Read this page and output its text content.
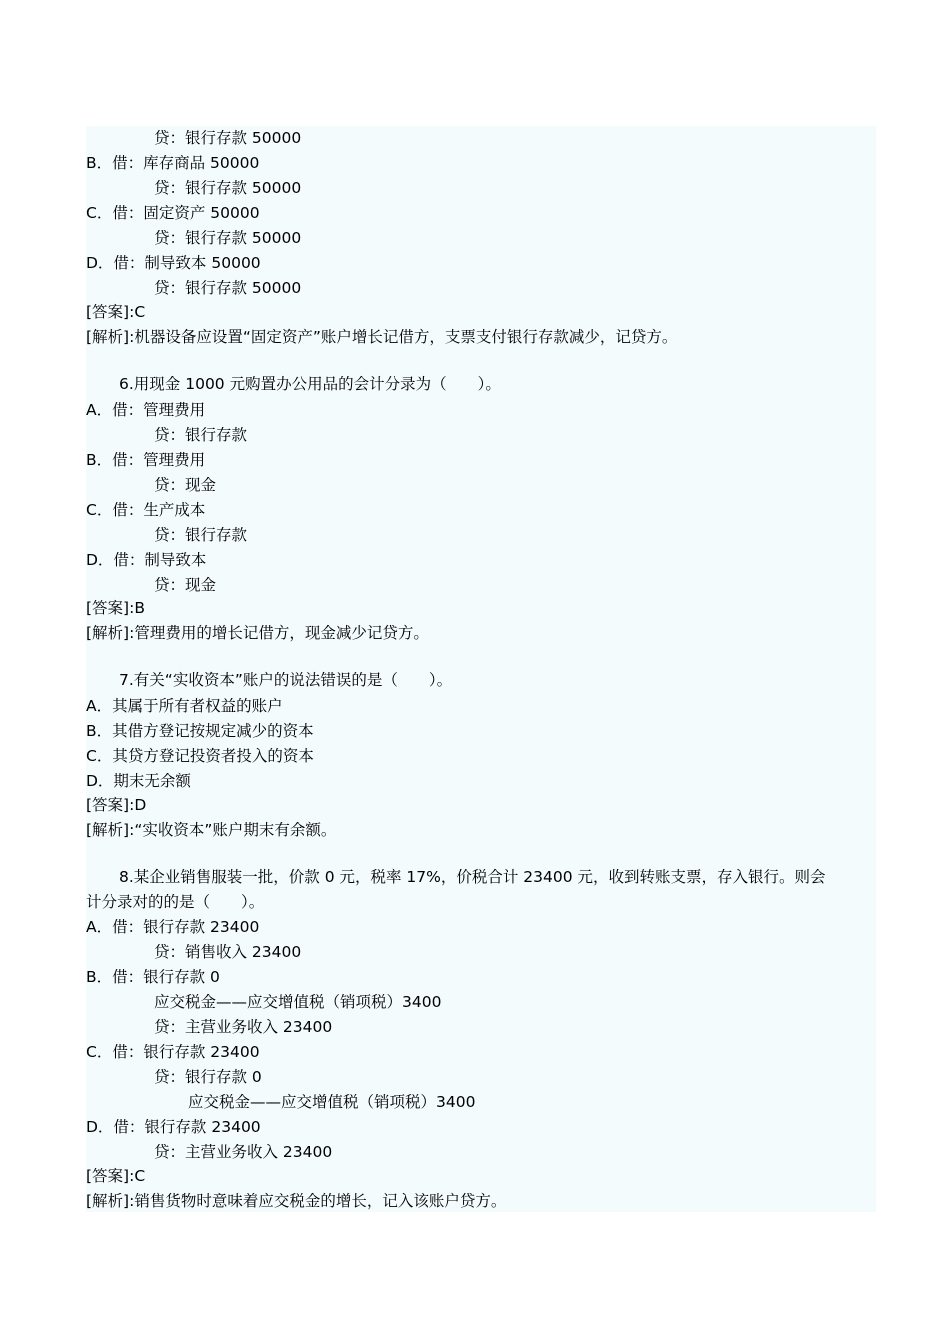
贷：银行存款 50000
B．借：库存商品 50000
贷：银行存款 50000
C．借：固定资产 50000
贷：银行存款 50000
D．借：制导致本 50000
贷：银行存款 50000
[答案]:C
[解析]:机器设备应设置“固定资产”账户增长记借方，支票支付银行存款减少，记贷方。
6.用现金 1000 元购置办公用品的会计分录为（　　）。
A．借：管理费用
贷：银行存款
B．借：管理费用
贷：现金
C．借：生产成本
贷：银行存款
D．借：制导致本
贷：现金
[答案]:B
[解析]:管理费用的增长记借方，现金减少记贷方。
7.有关“实收资本”账户的说法错误的是（　　）。
A．其属于所有者权益的账户
B．其借方登记按规定减少的资本
C．其贷方登记投资者投入的资本
D．期末无余额
[答案]:D
[解析]:“实收资本”账户期末有余额。
8.某企业销售服装一批，价款 0 元，税率 17%，价税合计 23400 元，收到转账支票，存入银行。则会
计分录对的的是（　　）。
A．借：银行存款 23400
贷：销售收入 23400
B．借：银行存款 0
应交税金——应交增值税（销项税）3400
贷：主营业务收入 23400
C．借：银行存款 23400
贷：银行存款 0
应交税金——应交增值税（销项税）3400
D．借：银行存款 23400
贷：主营业务收入 23400
[答案]:C
[解析]:销售货物时意味着应交税金的增长，记入该账户贷方。
